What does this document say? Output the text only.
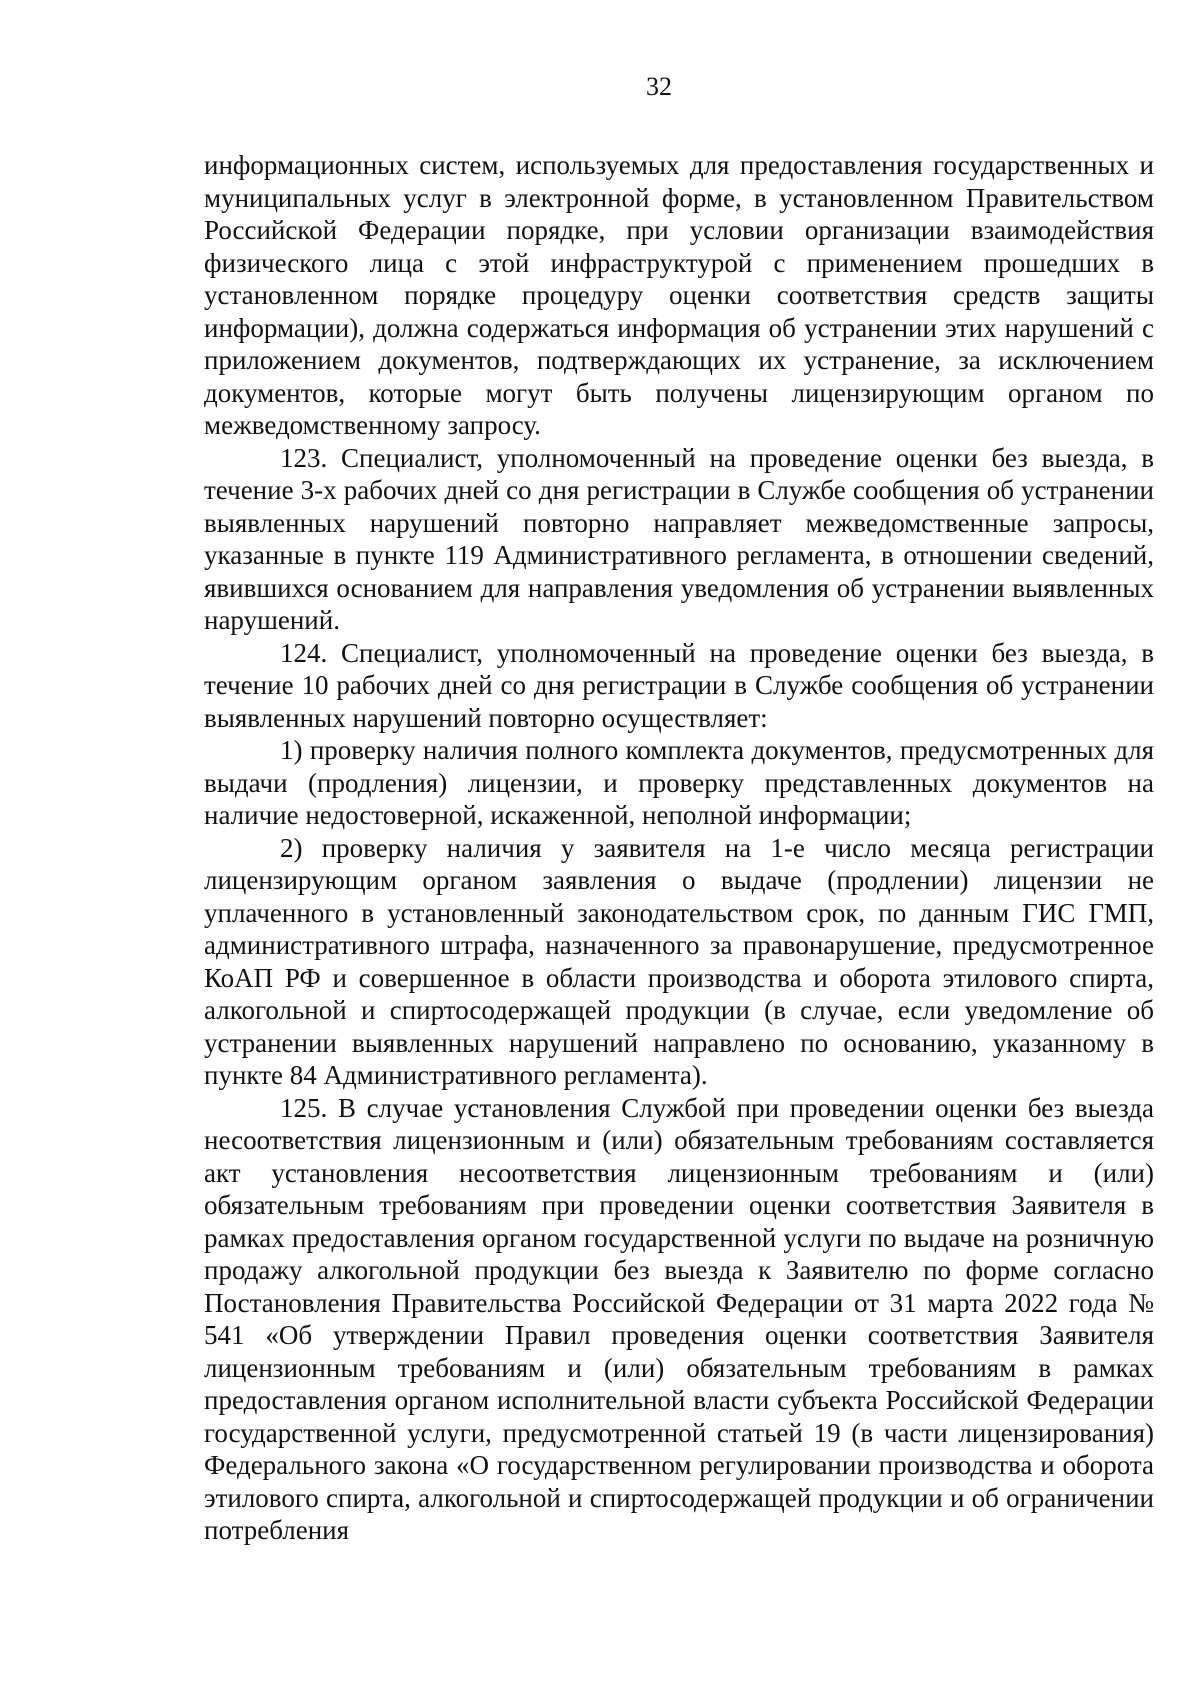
32

информационных систем, используемых для предоставления государственных и муниципальных услуг в электронной форме, в установленном Правительством Российской Федерации порядке, при условии организации взаимодействия физического лица с этой инфраструктурой с применением прошедших в установленном порядке процедуру оценки соответствия средств защиты информации), должна содержаться информация об устранении этих нарушений с приложением документов, подтверждающих их устранение, за исключением документов, которые могут быть получены лицензирующим органом по межведомственному запросу.

123. Специалист, уполномоченный на проведение оценки без выезда, в течение 3-х рабочих дней со дня регистрации в Службе сообщения об устранении выявленных нарушений повторно направляет межведомственные запросы, указанные в пункте 119 Административного регламента, в отношении сведений, явившихся основанием для направления уведомления об устранении выявленных нарушений.

124. Специалист, уполномоченный на проведение оценки без выезда, в течение 10 рабочих дней со дня регистрации в Службе сообщения об устранении выявленных нарушений повторно осуществляет:

1) проверку наличия полного комплекта документов, предусмотренных для выдачи (продления) лицензии, и проверку представленных документов на наличие недостоверной, искаженной, неполной информации;

2) проверку наличия у заявителя на 1-е число месяца регистрации лицензирующим органом заявления о выдаче (продлении) лицензии не уплаченного в установленный законодательством срок, по данным ГИС ГМП, административного штрафа, назначенного за правонарушение, предусмотренное КоАП РФ и совершенное в области производства и оборота этилового спирта, алкогольной и спиртосодержащей продукции (в случае, если уведомление об устранении выявленных нарушений направлено по основанию, указанному в пункте 84 Административного регламента).

125. В случае установления Службой при проведении оценки без выезда несоответствия лицензионным и (или) обязательным требованиям составляется акт установления несоответствия лицензионным требованиям и (или) обязательным требованиям при проведении оценки соответствия Заявителя в рамках предоставления органом государственной услуги по выдаче на розничную продажу алкогольной продукции без выезда к Заявителю по форме согласно Постановления Правительства Российской Федерации от 31 марта 2022 года № 541 «Об утверждении Правил проведения оценки соответствия Заявителя лицензионным требованиям и (или) обязательным требованиям в рамках предоставления органом исполнительной власти субъекта Российской Федерации государственной услуги, предусмотренной статьей 19 (в части лицензирования) Федерального закона «О государственном регулировании производства и оборота этилового спирта, алкогольной и спиртосодержащей продукции и об ограничении потребления
